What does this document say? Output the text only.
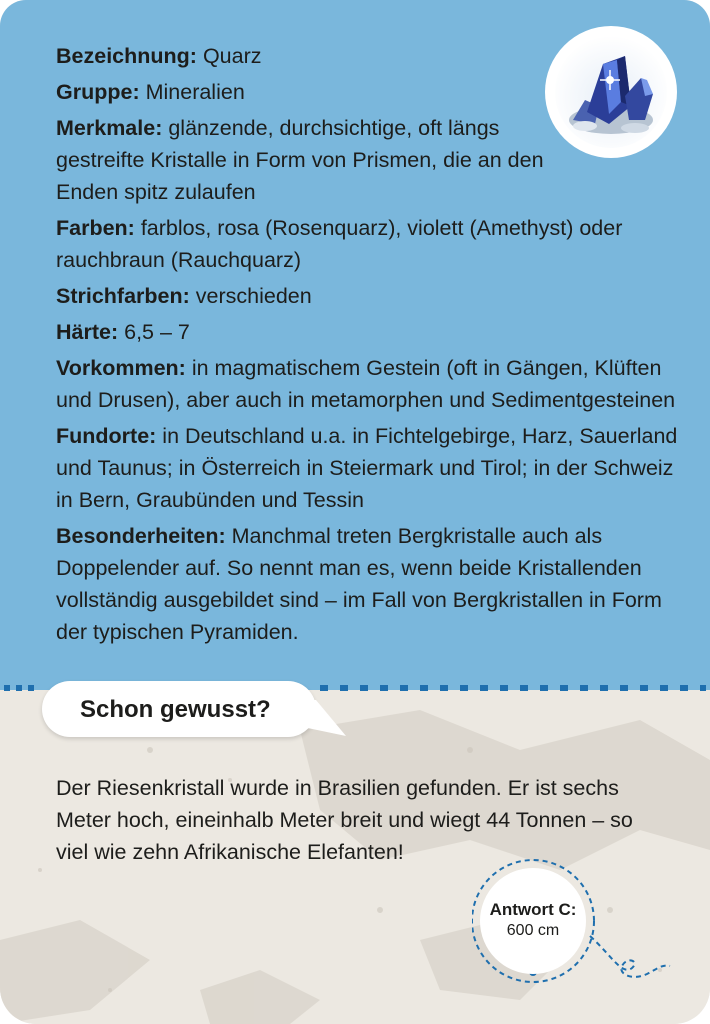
Bezeichnung: Quarz
Gruppe: Mineralien
Merkmale: glänzende, durchsichtige, oft längs gestreifte Kristalle in Form von Prismen, die an den Enden spitz zulaufen
Farben: farblos, rosa (Rosenquarz), violett (Amethyst) oder rauchbraun (Rauchquarz)
Strichfarben: verschieden
Härte: 6,5 – 7
Vorkommen: in magmatischem Gestein (oft in Gängen, Klüften und Drusen), aber auch in metamorphen und Sedimentgesteinen
Fundorte: in Deutschland u.a. in Fichtelgebirge, Harz, Sauerland und Taunus; in Österreich in Steiermark und Tirol; in der Schweiz in Bern, Graubünden und Tessin
Besonderheiten: Manchmal treten Bergkristalle auch als Doppelender auf. So nennt man es, wenn beide Kristallenden vollständig ausgebildet sind – im Fall von Bergkristallen in Form der typischen Pyramiden.
Schon gewusst?
Der Riesenkristall wurde in Brasilien gefunden. Er ist sechs Meter hoch, eineinhalb Meter breit und wiegt 44 Tonnen – so viel wie zehn Afrikanische Elefanten!
Antwort C:
600 cm
